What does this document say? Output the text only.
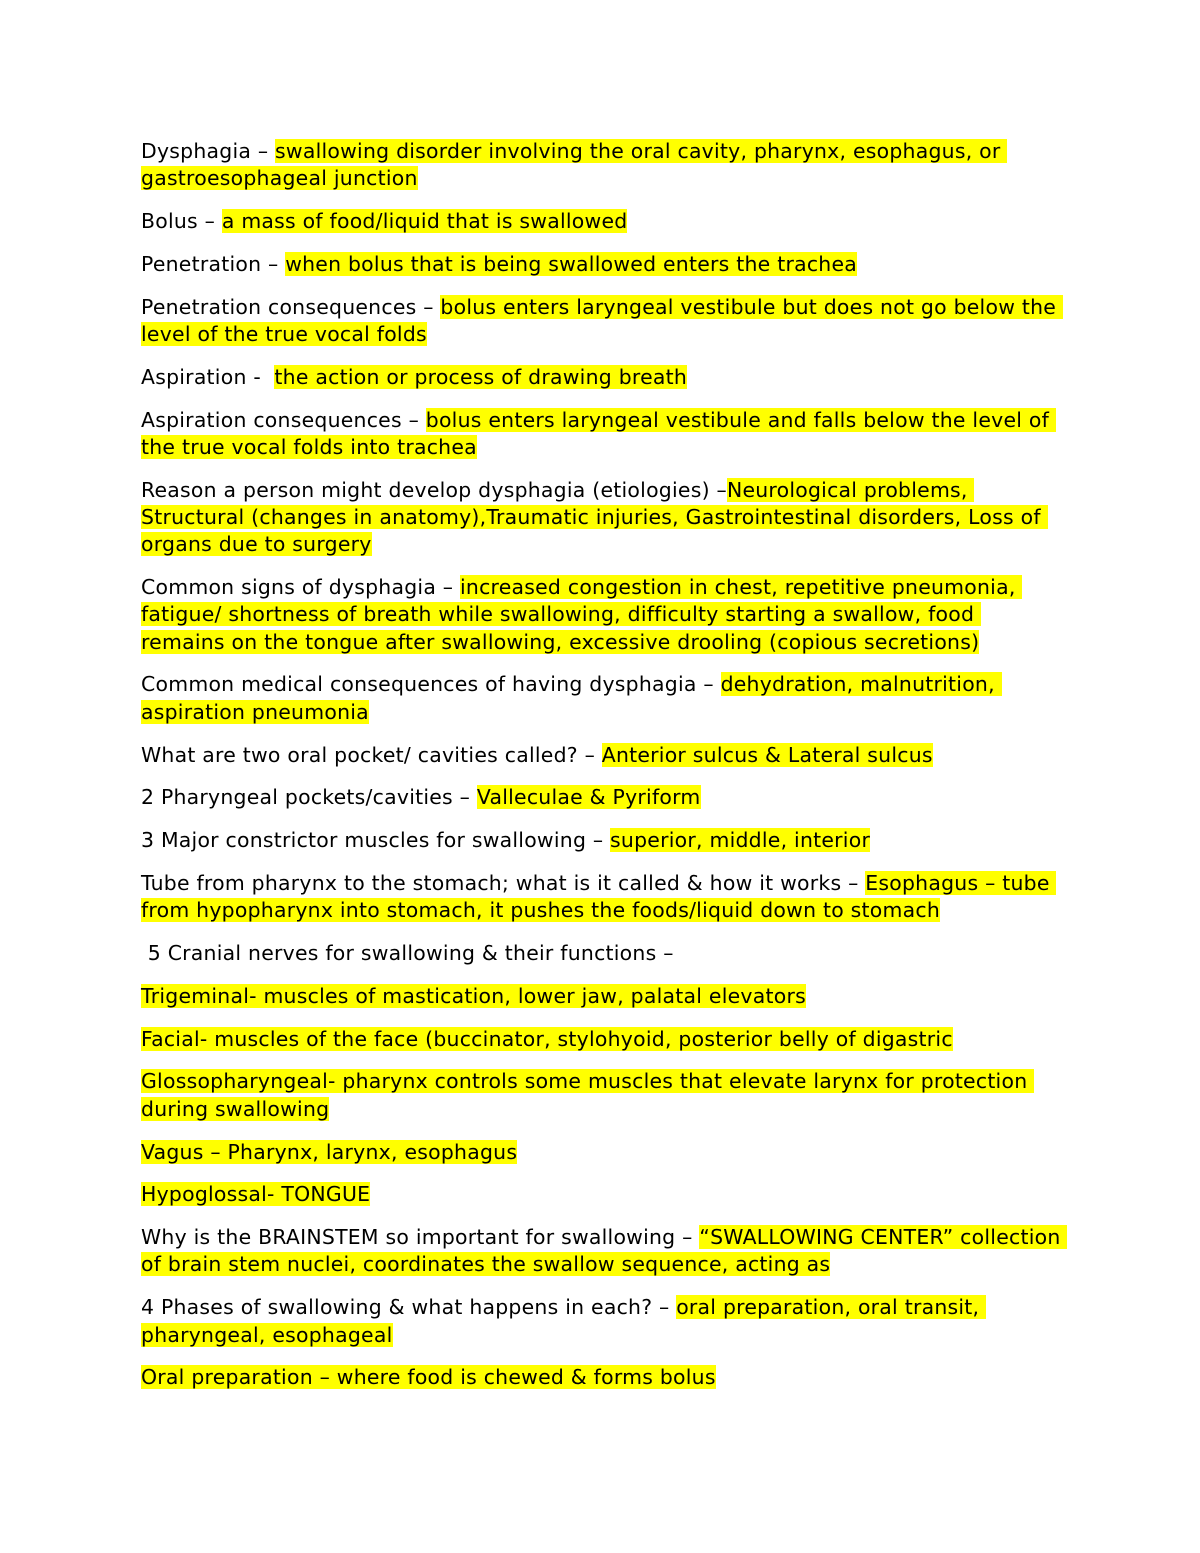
Dysphagia – swallowing disorder involving the oral cavity, pharynx, esophagus, or gastroesophageal junction

Bolus – a mass of food/liquid that is swallowed

Penetration – when bolus that is being swallowed enters the trachea

Penetration consequences – bolus enters laryngeal vestibule but does not go below the level of the true vocal folds

Aspiration -  the action or process of drawing breath

Aspiration consequences – bolus enters laryngeal vestibule and falls below the level of the true vocal folds into trachea

Reason a person might develop dysphagia (etiologies) –Neurological problems, Structural (changes in anatomy),Traumatic injuries, Gastrointestinal disorders, Loss of organs due to surgery

Common signs of dysphagia – increased congestion in chest, repetitive pneumonia, fatigue/ shortness of breath while swallowing, difficulty starting a swallow, food remains on the tongue after swallowing, excessive drooling (copious secretions)

Common medical consequences of having dysphagia – dehydration, malnutrition, aspiration pneumonia

What are two oral pocket/ cavities called? – Anterior sulcus & Lateral sulcus

2 Pharyngeal pockets/cavities – Valleculae & Pyriform

3 Major constrictor muscles for swallowing – superior, middle, interior

Tube from pharynx to the stomach; what is it called & how it works – Esophagus – tube from hypopharynx into stomach, it pushes the foods/liquid down to stomach

5 Cranial nerves for swallowing & their functions –

Trigeminal- muscles of mastication, lower jaw, palatal elevators

Facial- muscles of the face (buccinator, stylohyoid, posterior belly of digastric

Glossopharyngeal- pharynx controls some muscles that elevate larynx for protection during swallowing

Vagus – Pharynx, larynx, esophagus

Hypoglossal- TONGUE

Why is the BRAINSTEM so important for swallowing – “SWALLOWING CENTER” collection of brain stem nuclei, coordinates the swallow sequence, acting as

4 Phases of swallowing & what happens in each? – oral preparation, oral transit, pharyngeal, esophageal

Oral preparation – where food is chewed & forms bolus
